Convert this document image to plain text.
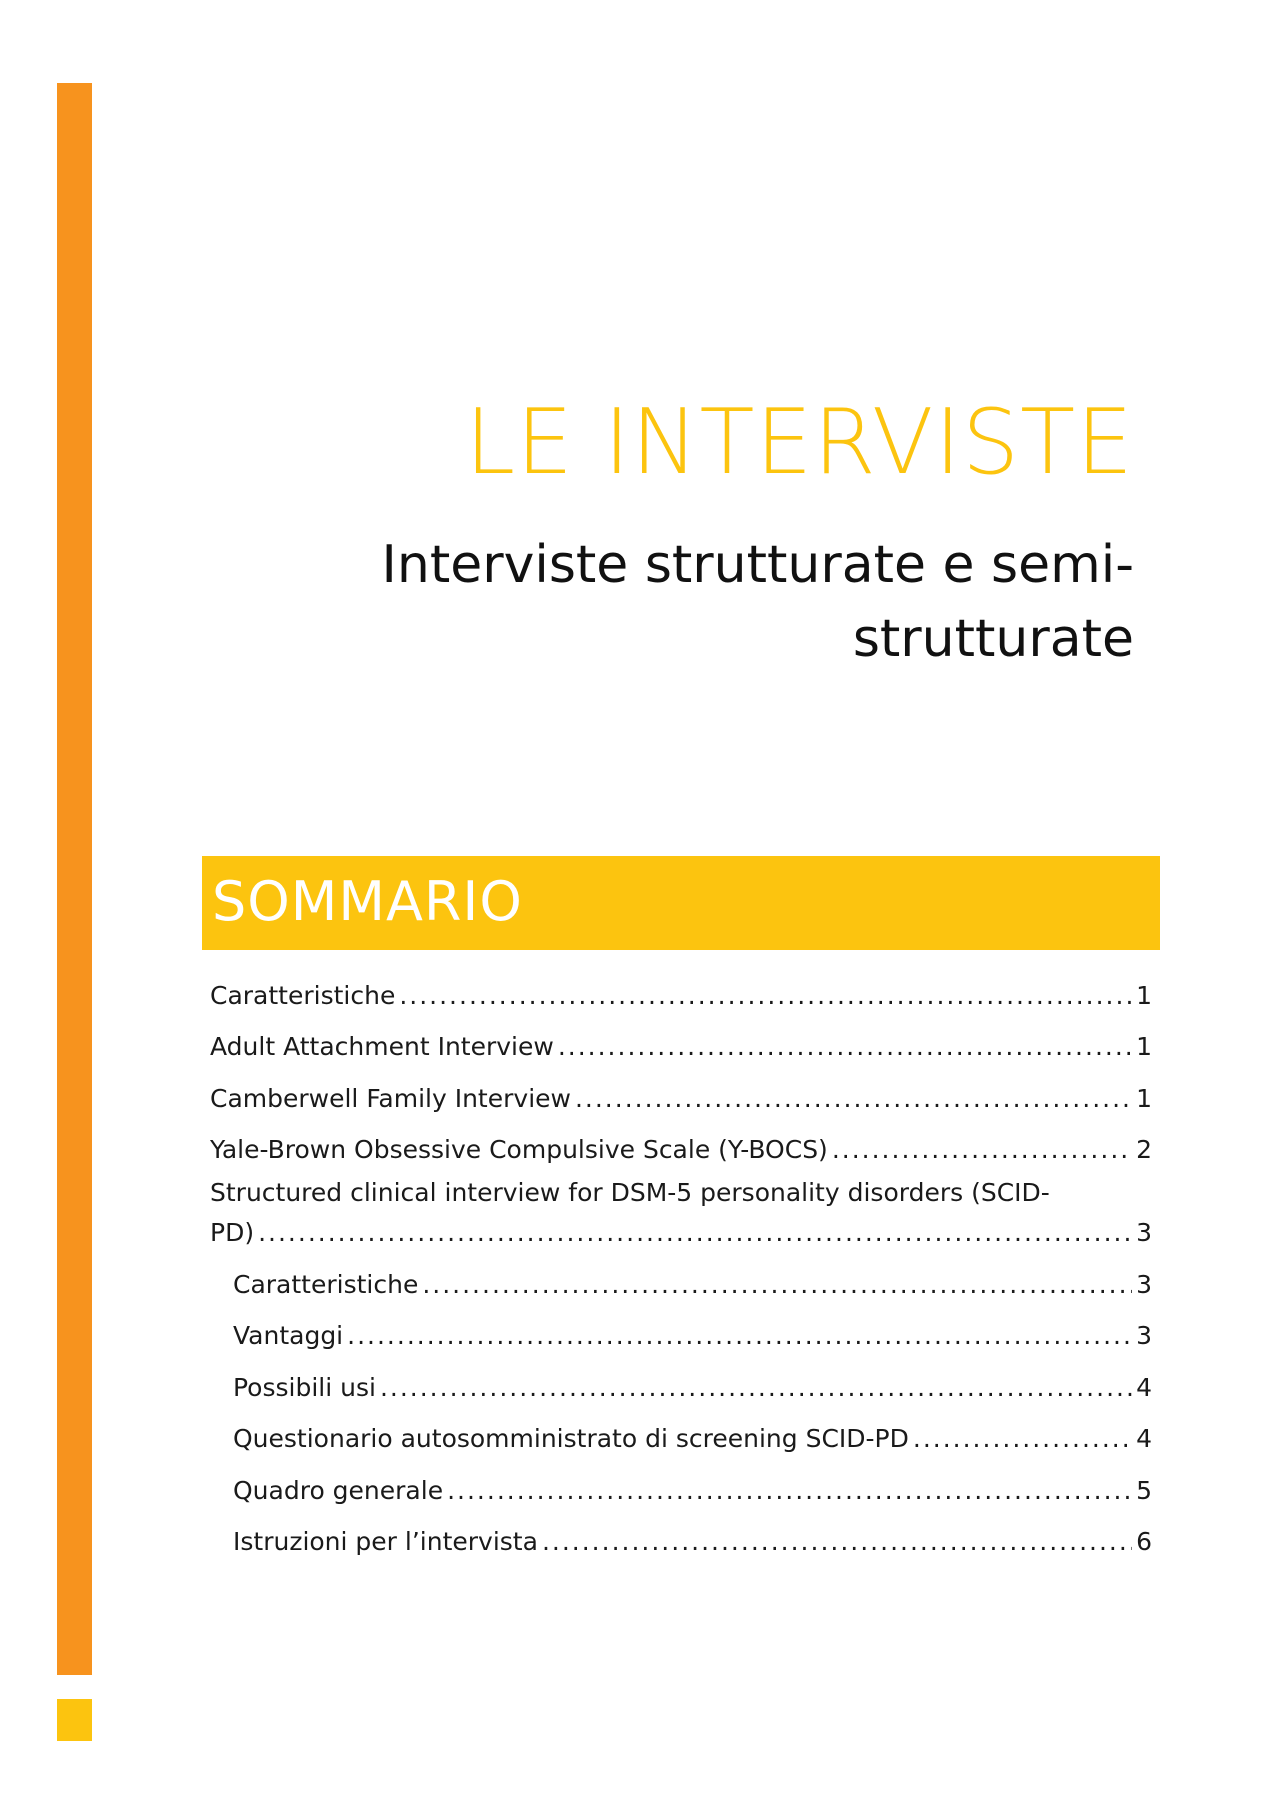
LE INTERVISTE
Interviste strutturate e semi-strutturate
SOMMARIO
Caratteristiche .....	1
Adult Attachment Interview .....	1
Camberwell Family Interview .....	1
Yale-Brown Obsessive Compulsive Scale (Y-BOCS) .....	2
Structured clinical interview for DSM-5 personality disorders (SCID-
PD) .....	3
Caratteristiche .....	3
Vantaggi .....	3
Possibili usi .....	4
Questionario autosomministrato di screening SCID-PD .....	4
Quadro generale .....	5
Istruzioni per l’intervista .....	6
